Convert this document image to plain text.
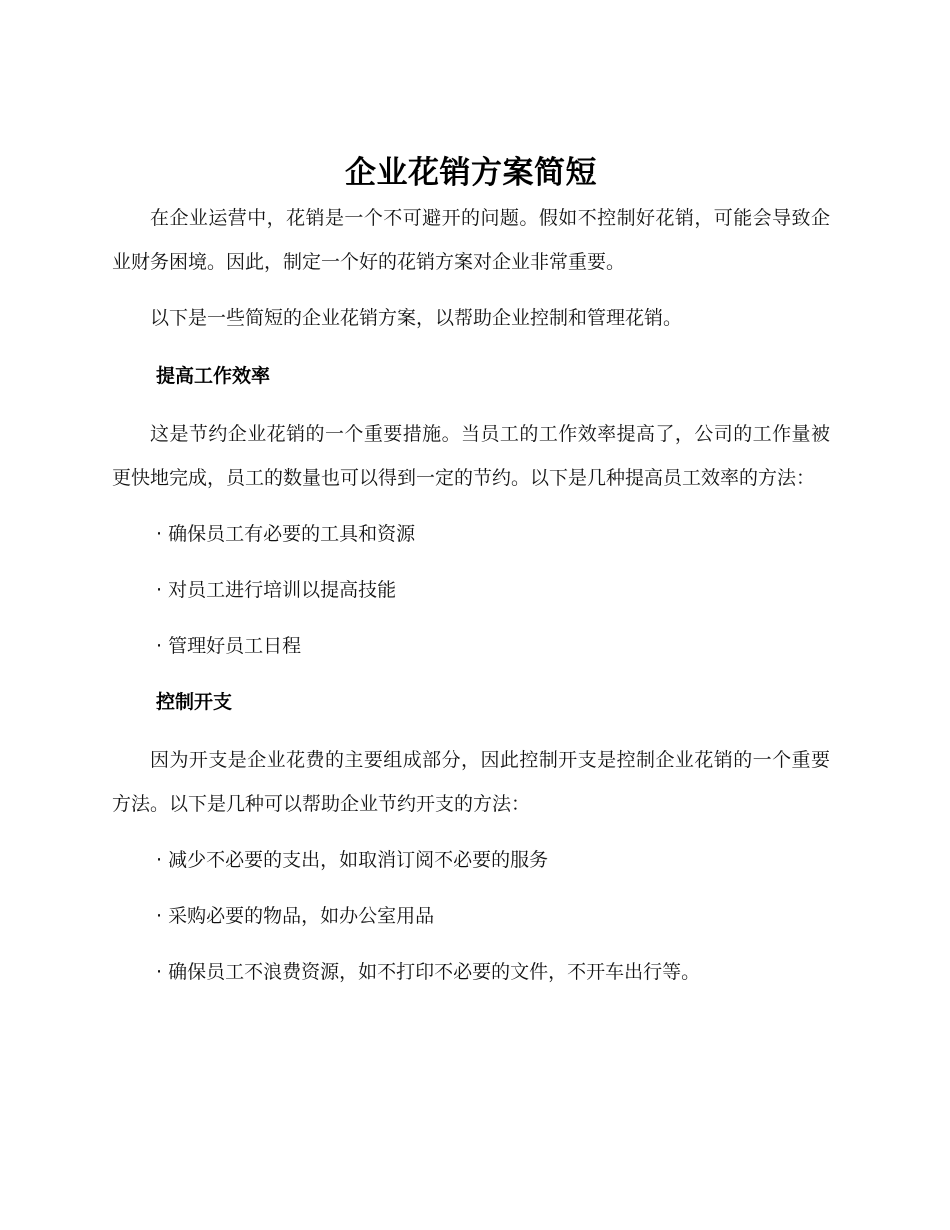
企业花销方案简短

在企业运营中，花销是一个不可避开的问题。假如不控制好花销，可能会导致企业财务困境。因此，制定一个好的花销方案对企业非常重要。

以下是一些简短的企业花销方案，以帮助企业控制和管理花销。

提高工作效率

这是节约企业花销的一个重要措施。当员工的工作效率提高了，公司的工作量被更快地完成，员工的数量也可以得到一定的节约。以下是几种提高员工效率的方法：

· 确保员工有必要的工具和资源

· 对员工进行培训以提高技能

· 管理好员工日程

控制开支

因为开支是企业花费的主要组成部分，因此控制开支是控制企业花销的一个重要方法。以下是几种可以帮助企业节约开支的方法：

· 减少不必要的支出，如取消订阅不必要的服务

· 采购必要的物品，如办公室用品

· 确保员工不浪费资源，如不打印不必要的文件，不开车出行等。
